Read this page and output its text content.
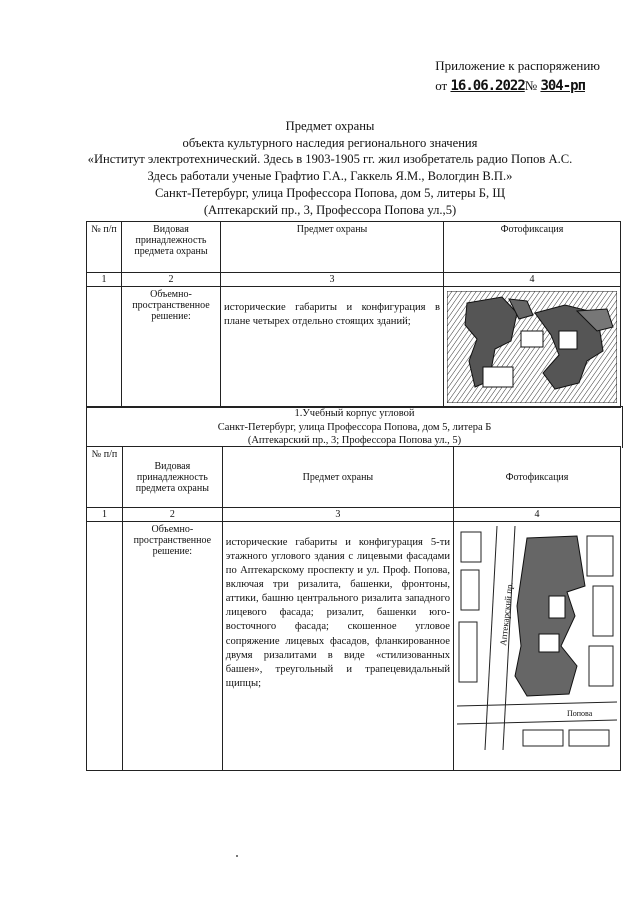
Приложение к распоряжению
от 16.06.2022№ 304-рп
Предмет охраны
объекта культурного наследия регионального значения
«Институт электротехнический. Здесь в 1903-1905 гг. жил изобретатель радио Попов А.С.
Здесь работали ученые Графтио Г.А., Гаккель Я.М., Вологдин В.П.»
Санкт-Петербург, улица Профессора Попова, дом 5, литеры Б, Щ
(Аптекарский пр., 3, Профессора Попова ул.,5)
№ п/п	Видовая принадлежность предмета охраны	Предмет охраны	Фотофиксация
1	2	3	4
	Объемно-пространственное решение:	исторические габариты и конфигурация в плане четырех отдельно стоящих зданий;	
1.Учебный корпус угловой
Санкт-Петербург, улица Профессора Попова, дом 5, литера Б
(Аптекарский пр., 3; Профессора Попова ул., 5)
№ п/п	Видовая принадлежность предмета охраны	Предмет охраны	Фотофиксация
1	2	3	4
	Объемно-пространственное решение:	исторические габариты и конфигурация 5-ти этажного углового здания с лицевыми фасадами по Аптекарскому проспекту и ул. Проф. Попова, включая три ризалита, башенки, фронтоны, аттики, башню центрального ризалита западного лицевого фасада; ризалит, башенки юго-восточного фасада; скошенное угловое сопряжение лицевых фасадов, фланкированное двумя ризалитами в виде «стилизованных башен», треугольный и трапецевидальный щипцы;	Аптекарский пр.
Попова
